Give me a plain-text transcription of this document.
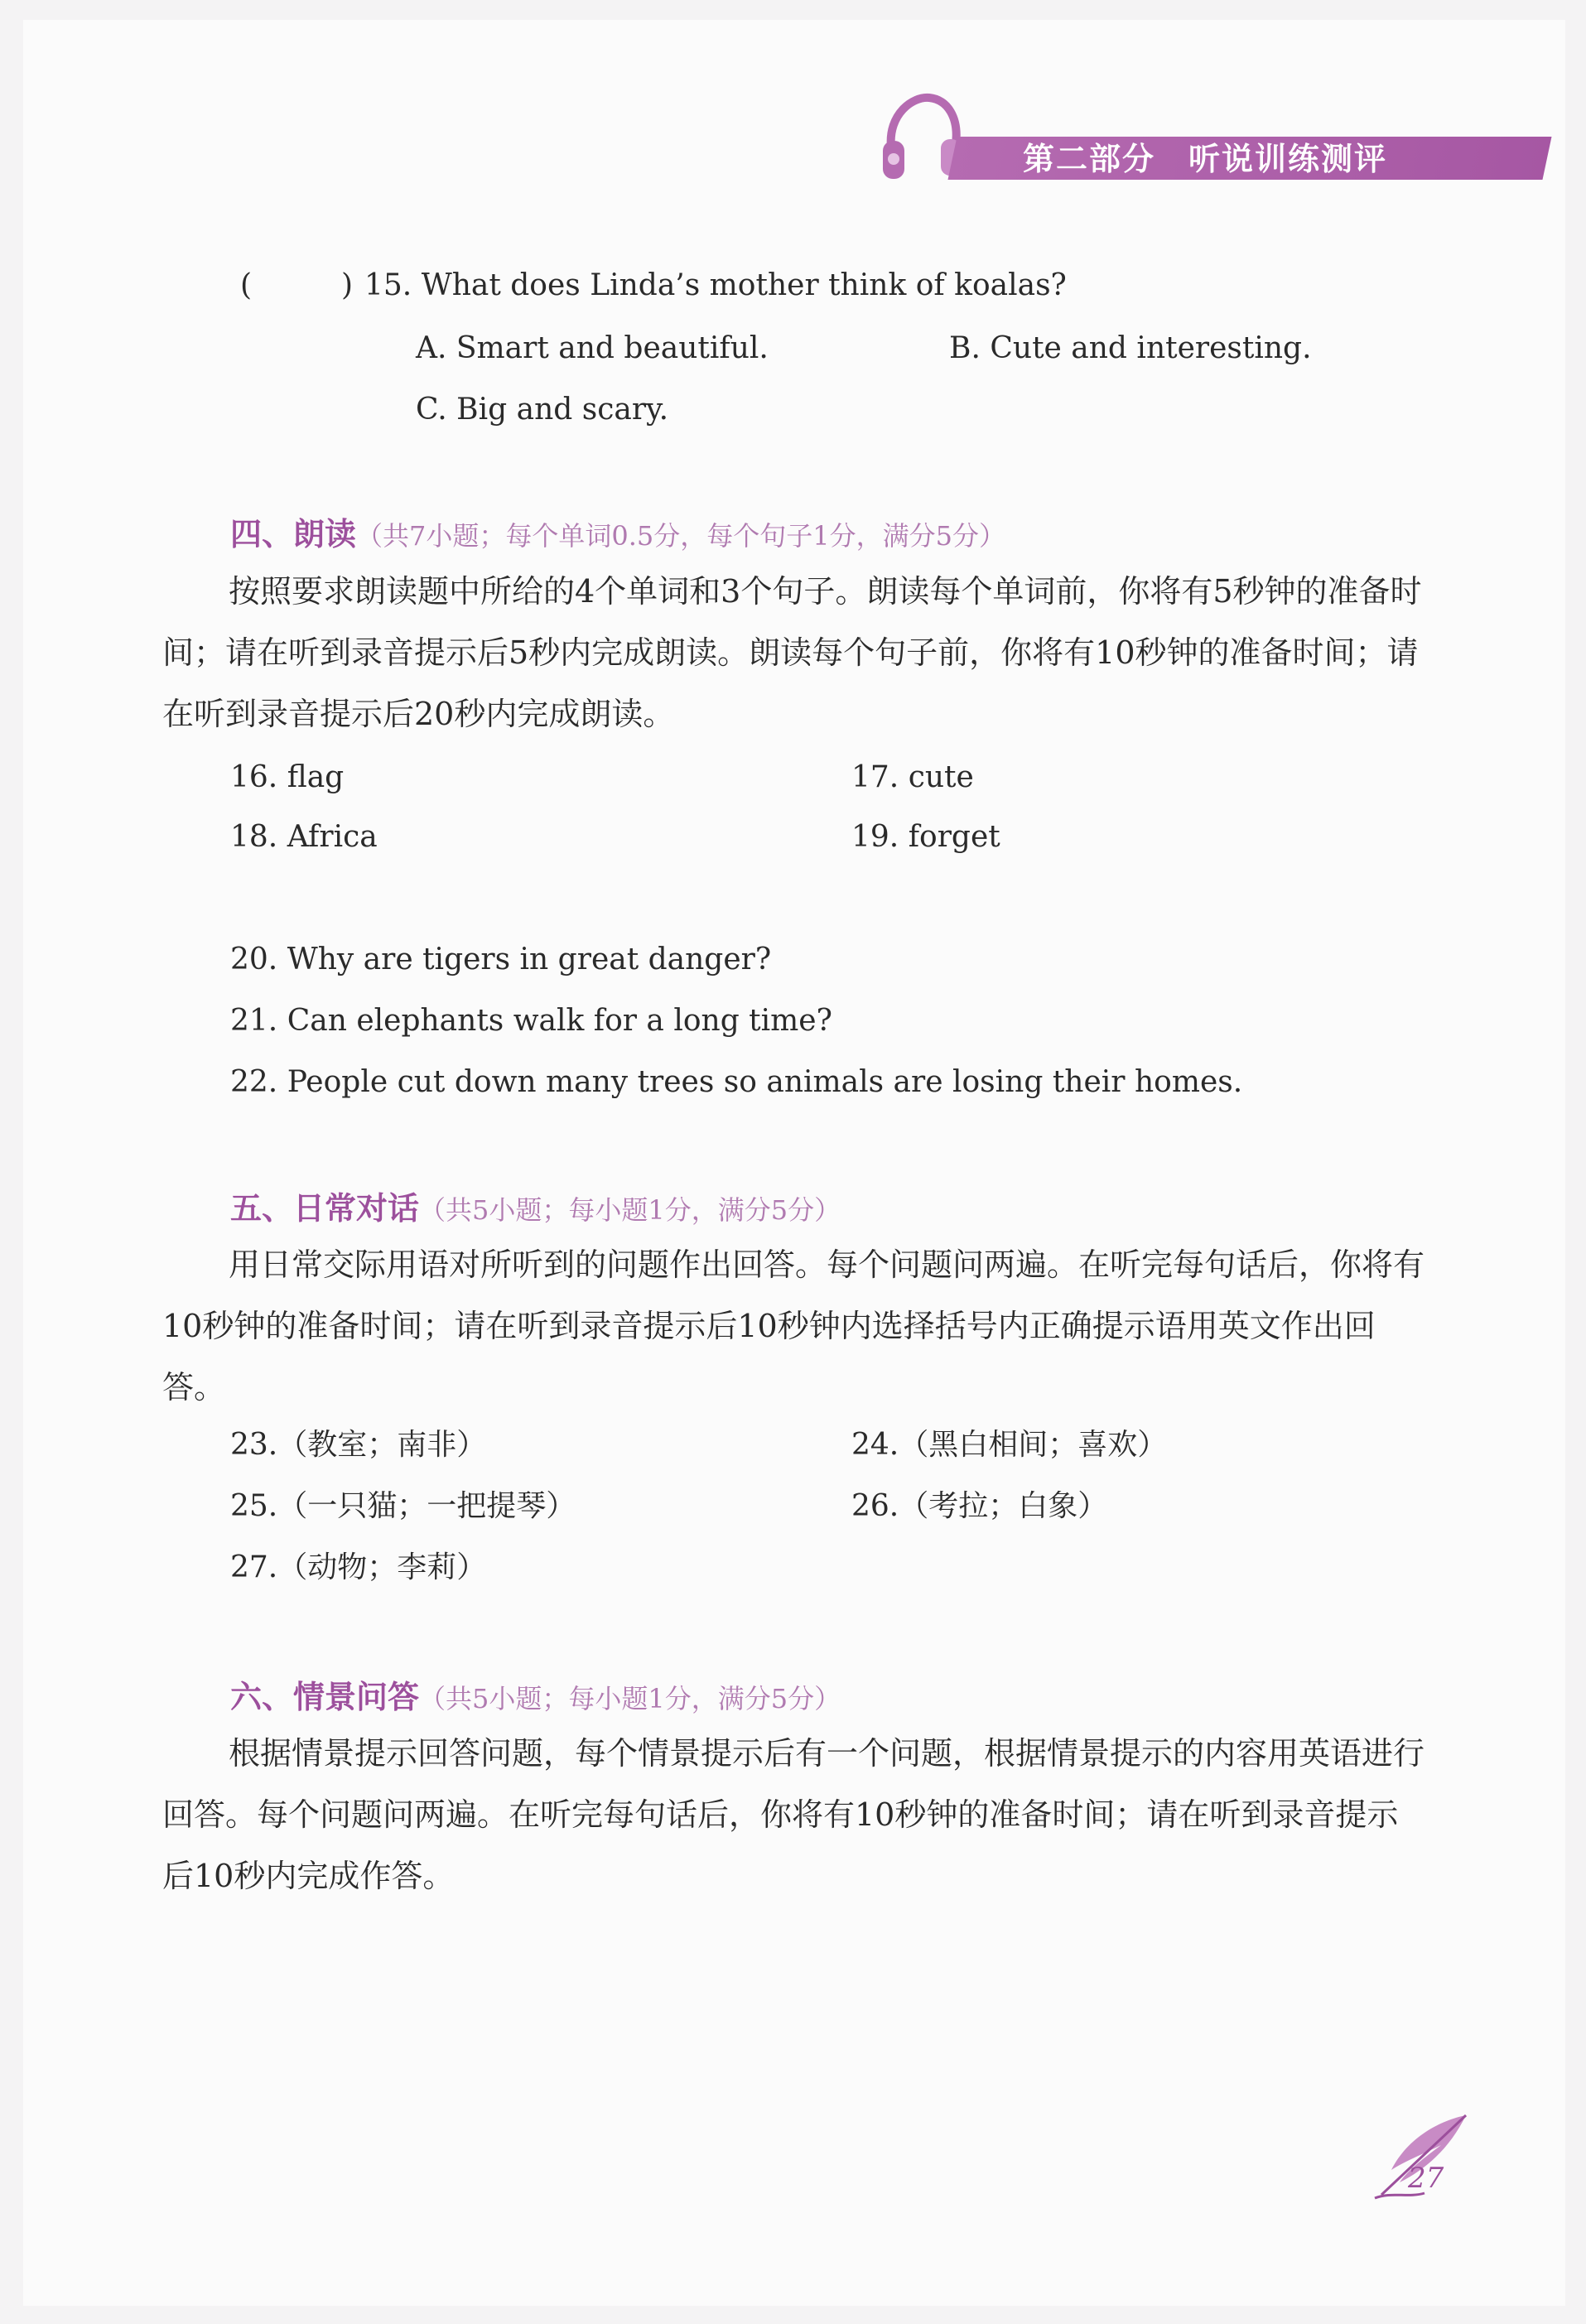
第二部分　听说训练测评
(　　　) 15. What does Linda’s mother think of koalas?
A. Smart and beautiful.	B. Cute and interesting.
C. Big and scary.
四、朗读（共7小题；每个单词0.5分，每个句子1分，满分5分）
按照要求朗读题中所给的4个单词和3个句子。朗读每个单词前，你将有5秒钟的准备时间；请在听到录音提示后5秒内完成朗读。朗读每个句子前，你将有10秒钟的准备时间；请在听到录音提示后20秒内完成朗读。
16. flag	17. cute
18. Africa	19. forget
20. Why are tigers in great danger?
21. Can elephants walk for a long time?
22. People cut down many trees so animals are losing their homes.
五、日常对话（共5小题；每小题1分，满分5分）
用日常交际用语对所听到的问题作出回答。每个问题问两遍。在听完每句话后，你将有10秒钟的准备时间；请在听到录音提示后10秒钟内选择括号内正确提示语用英文作出回答。
23.（教室；南非）	24.（黑白相间；喜欢）
25.（一只猫；一把提琴）	26.（考拉；白象）
27.（动物；李莉）
六、情景问答（共5小题；每小题1分，满分5分）
根据情景提示回答问题，每个情景提示后有一个问题，根据情景提示的内容用英语进行回答。每个问题问两遍。在听完每句话后，你将有10秒钟的准备时间；请在听到录音提示后10秒内完成作答。
27
